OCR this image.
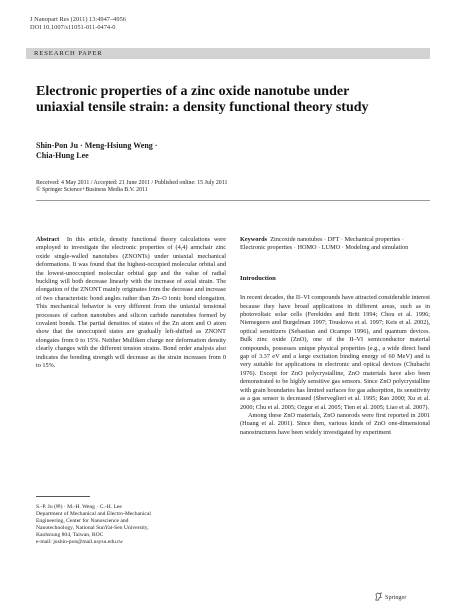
J Nanopart Res (2011) 13:4947–4956
DOI 10.1007/s11051-011-0474-0
RESEARCH PAPER
Electronic properties of a zinc oxide nanotube under uniaxial tensile strain: a density functional theory study
Shin-Pon Ju · Meng-Hsiung Weng ·
Chia-Hung Lee
Received: 4 May 2011 / Accepted: 21 June 2011 / Published online: 15 July 2011
© Springer Science+Business Media B.V. 2011

Abstract In this article, density functional theory calculations were employed to investigate the electronic properties of (4,4) armchair zinc oxide single-walled nanotubes (ZNONTs) under uniaxial mechanical deformations. It was found that the highest-occupied molecular orbital and the lowest-unoccupied molecular orbital gap and the value of radial buckling will both decrease linearly with the increase of axial strain. The elongation of the ZNONT mainly originates from the decrease and increase of two characteristic bond angles rather than Zn–O ionic bond elongation. This mechanical behavior is very different from the uniaxial tensional processes of carbon nanotubes and silicon carbide nanotubes formed by covalent bonds. The partial densities of states of the Zn atom and O atom show that the unoccupied states are gradually left-shifted as ZNONT elongates from 0 to 15%. Neither Mulliken charge nor deformation density clearly changes with the different tension strains. Bond order analysis also indicates the bonding strength will decrease as the strain increases from 0 to 15%.

S.-P. Ju (✉) · M.-H. Weng · C.-H. Lee
Department of Mechanical and Electro-Mechanical
Engineering, Center for Nanoscience and
Nanotechnology, National SunYat-Sen University,
Kaohsiung 804, Taiwan, ROC
e-mail: jushin-pon@mail.nsysu.edu.tw

Keywords Zincoxide nanotubes · DFT · Mechanical properties · Electronic properties · HOMO · LUMO · Modeling and simulation

Introduction

In recent decades, the II–VI compounds have attracted considerable interest because they have broad applications in different areas, such as in photovoltaic solar cells (Ferekides and Britt 1994; Chou et al. 1996; Niemegeers and Burgelman 1997; Touskova et al. 1997; Keis et al. 2002), optical sensitizers (Sebastian and Ocampo 1996), and quantum devices. Bulk zinc oxide (ZnO), one of the II–VI semiconductor material compounds, possesses unique physical properties (e.g., a wide direct band gap of 3.37 eV and a large excitation binding energy of 60 MeV) and is very suitable for applications in electronic and optical devices (Chubachi 1976). Except for ZnO polycrystalline, ZnO materials have also been demonstrated to be highly sensitive gas sensors. Since ZnO polycrystalline with grain boundaries has limited surfaces for gas adsorption, its sensitivity as a gas sensor is decreased (Sberveglieri et al. 1995; Rao 2000; Xu et al. 2000; Chu et al. 2005; Ozgur et al. 2005; Tien et al. 2005; Liao et al. 2007).

Among these ZnO materials, ZnO nanorods were first reported in 2001 (Huang et al. 2001). Since then, various kinds of ZnO one-dimensional nanostructures have been widely investigated by experiment

Springer
